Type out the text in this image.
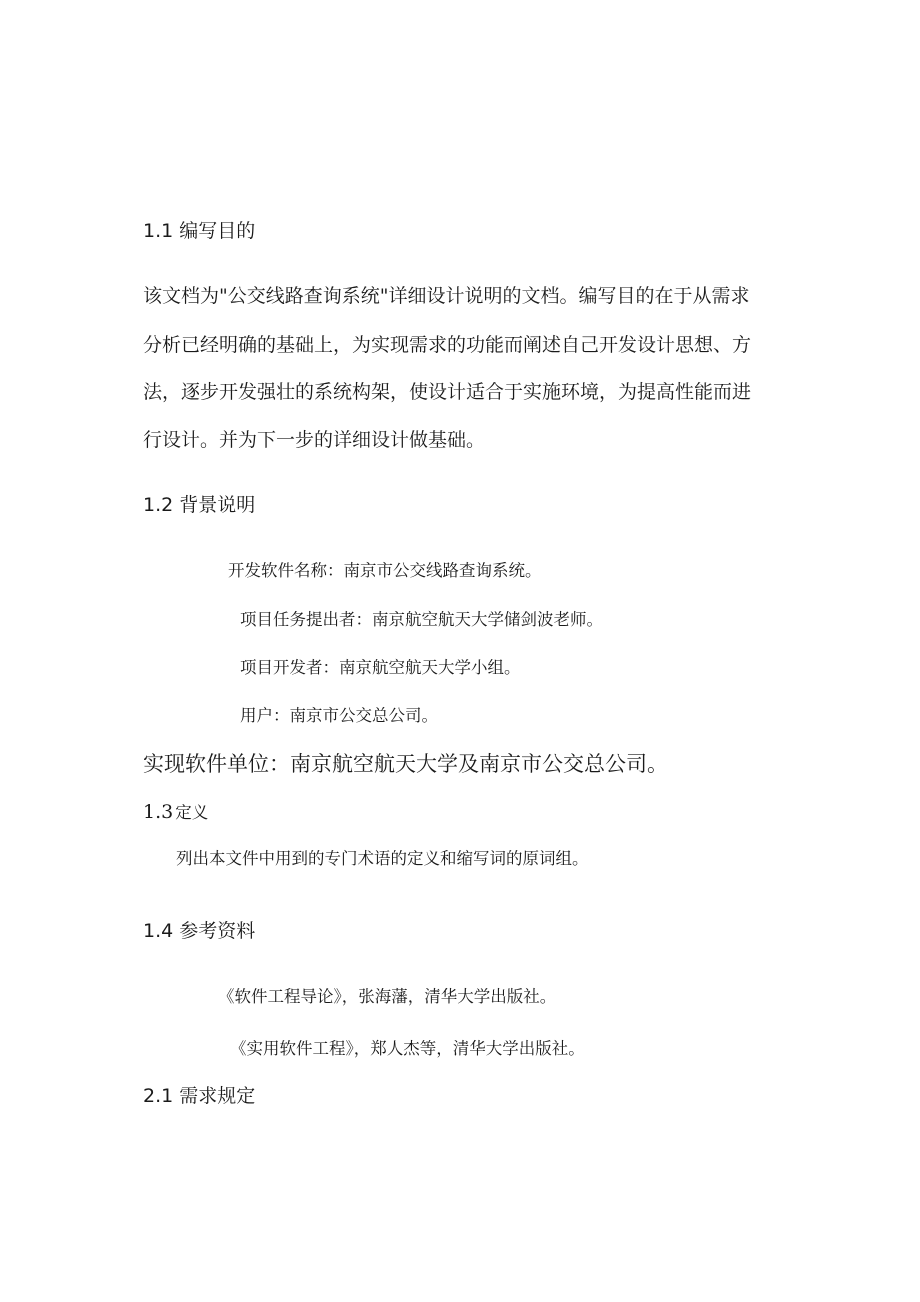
1.1 编写目的
该文档为"公交线路查询系统"详细设计说明的文档。编写目的在于从需求
分析已经明确的基础上，为实现需求的功能而阐述自己开发设计思想、方
法，逐步开发强壮的系统构架，使设计适合于实施环境，为提高性能而进
行设计。并为下一步的详细设计做基础。
1.2 背景说明
开发软件名称：南京市公交线路查询系统。
项目任务提出者：南京航空航天大学储剑波老师。
项目开发者：南京航空航天大学小组。
用户：南京市公交总公司。
实现软件单位：南京航空航天大学及南京市公交总公司。
1.3 定义
列出本文件中用到的专门术语的定义和缩写词的原词组。
1.4 参考资料
《软件工程导论》，张海藩，清华大学出版社。
《实用软件工程》，郑人杰等，清华大学出版社。
2.1 需求规定
